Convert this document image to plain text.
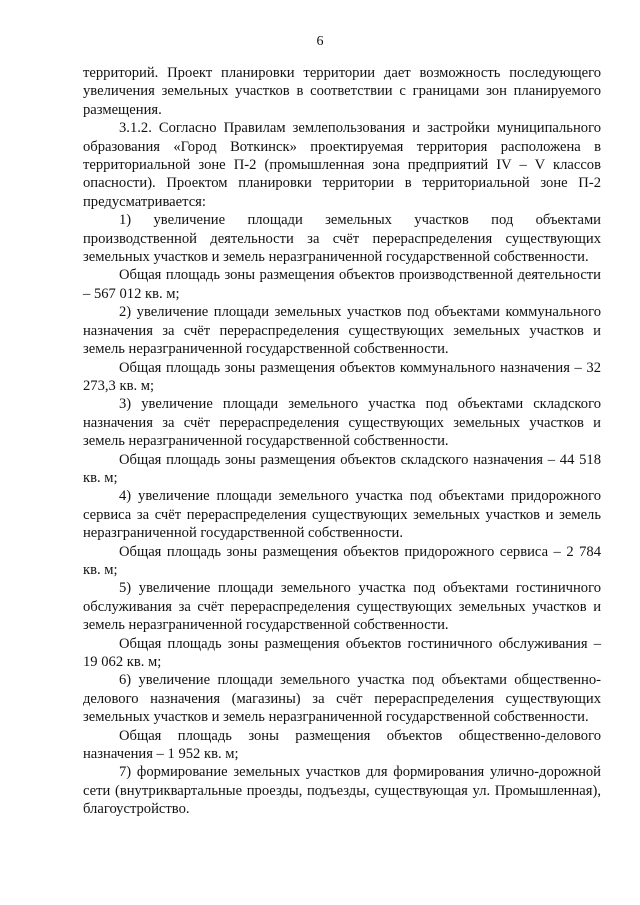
6

территорий. Проект планировки территории дает возможность последующего увеличения земельных участков в соответствии с границами зон планируемого размещения.

3.1.2. Согласно Правилам землепользования и застройки муниципального образования «Город Воткинск» проектируемая территория расположена в территориальной зоне П-2 (промышленная зона предприятий IV – V классов опасности). Проектом планировки территории в территориальной зоне П-2 предусматривается:

1) увеличение площади земельных участков под объектами производственной деятельности за счёт перераспределения существующих земельных участков и земель неразграниченной государственной собственности.

Общая площадь зоны размещения объектов производственной деятельности – 567 012 кв. м;

2) увеличение площади земельных участков под объектами коммунального назначения за счёт перераспределения существующих земельных участков и земель неразграниченной государственной собственности.

Общая площадь зоны размещения объектов коммунального назначения – 32 273,3 кв. м;

3) увеличение площади земельного участка под объектами складского назначения за счёт перераспределения существующих земельных участков и земель неразграниченной государственной собственности.

Общая площадь зоны размещения объектов складского назначения – 44 518 кв. м;

4) увеличение площади земельного участка под объектами придорожного сервиса за счёт перераспределения существующих земельных участков и земель неразграниченной государственной собственности.

Общая площадь зоны размещения объектов придорожного сервиса – 2 784 кв. м;

5) увеличение площади земельного участка под объектами гостиничного обслуживания за счёт перераспределения существующих земельных участков и земель неразграниченной государственной собственности.

Общая площадь зоны размещения объектов гостиничного обслуживания – 19 062 кв. м;

6) увеличение площади земельного участка под объектами общественно-делового назначения (магазины) за счёт перераспределения существующих земельных участков и земель неразграниченной государственной собственности.

Общая площадь зоны размещения объектов общественно-делового назначения – 1 952 кв. м;

7) формирование земельных участков для формирования улично-дорожной сети (внутриквартальные проезды, подъезды, существующая ул. Промышленная), благоустройство.
